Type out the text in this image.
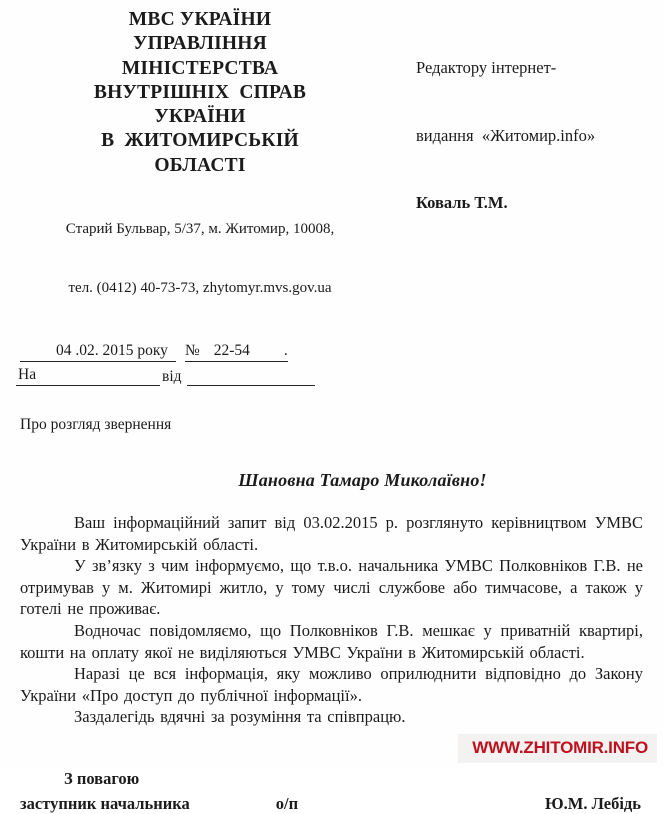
МВС УКРАЇНИ
УПРАВЛІННЯ
МІНІСТЕРСТВА
ВНУТРІШНІХ  СПРАВ
УКРАЇНИ
В  ЖИТОМИРСЬКІЙ
ОБЛАСТІ

Старий Бульвар, 5/37, м. Житомир, 10008,

тел. (0412) 40-73-73, zhytomyr.mvs.gov.ua

04 .02. 2015 року № 22-54 .
На	від

Редактору інтернет-

видання  «Житомир.info»

Коваль Т.М.

Про розгляд звернення
Шановна Тамаро Миколаївно!

Ваш інформаційний запит від 03.02.2015 р. розглянуто керівництвом УМВС України в Житомирській області.

У зв’язку з чим інформуємо, що т.в.о. начальника УМВС Полковніков Г.В. не отримував у м. Житомирі житло, у тому числі службове або тимчасове, а також у готелі не проживає.

Водночас повідомляємо, що Полковніков Г.В. мешкає у приватній квартирі, кошти на оплату якої не виділяються УМВС України в Житомирській області.

Наразі це вся інформація, яку можливо оприлюднити відповідно до Закону України «Про доступ до публічної інформації».

Заздалегідь вдячні за розуміння та співпрацю.

З повагою
заступник начальника	о/п	Ю.М. Лебідь
WWW.ZHITOMIR.INFO
